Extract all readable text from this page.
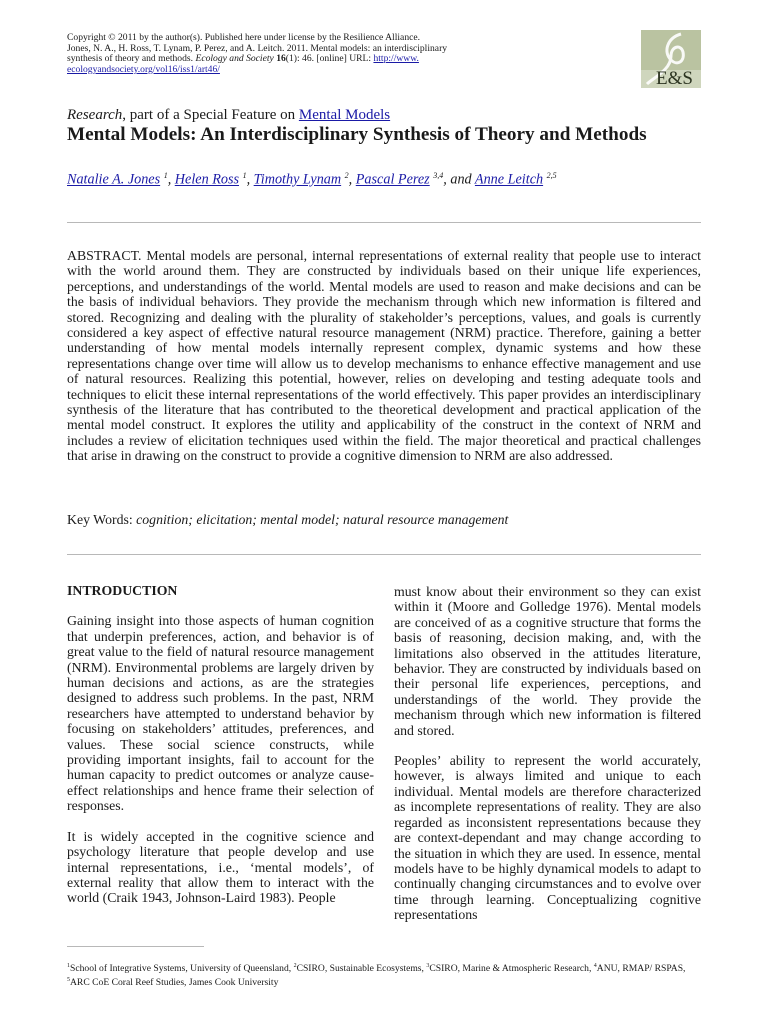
Copyright © 2011 by the author(s). Published here under license by the Resilience Alliance.
Jones, N. A., H. Ross, T. Lynam, P. Perez, and A. Leitch. 2011. Mental models: an interdisciplinary
synthesis of theory and methods. Ecology and Society 16(1): 46. [online] URL: http://www.
ecologyandsociety.org/vol16/iss1/art46/	E&S
Research, part of a Special Feature on Mental Models
Mental Models: An Interdisciplinary Synthesis of Theory and Methods
Natalie A. Jones $^1$, Helen Ross $^1$, Timothy Lynam $^2$, Pascal Perez $^{3,4}$, and Anne Leitch $^{2,5}$

ABSTRACT. Mental models are personal, internal representations of external reality that people use to interact with the world around them. They are constructed by individuals based on their unique life experiences, perceptions, and understandings of the world. Mental models are used to reason and make decisions and can be the basis of individual behaviors. They provide the mechanism through which new information is filtered and stored. Recognizing and dealing with the plurality of stakeholder’s perceptions, values, and goals is currently considered a key aspect of effective natural resource management (NRM) practice. Therefore, gaining a better understanding of how mental models internally represent complex, dynamic systems and how these representations change over time will allow us to develop mechanisms to enhance effective management and use of natural resources. Realizing this potential, however, relies on developing and testing adequate tools and techniques to elicit these internal representations of the world effectively. This paper provides an interdisciplinary synthesis of the literature that has contributed to the theoretical development and practical application of the mental model construct. It explores the utility and applicability of the construct in the context of NRM and includes a review of elicitation techniques used within the field. The major theoretical and practical challenges that arise in drawing on the construct to provide a cognitive dimension to NRM are also addressed.

Key Words: cognition; elicitation; mental model; natural resource management
INTRODUCTION

Gaining insight into those aspects of human cognition that underpin preferences, action, and behavior is of great value to the field of natural resource management (NRM). Environmental problems are largely driven by human decisions and actions, as are the strategies designed to address such problems. In the past, NRM researchers have attempted to understand behavior by focusing on stakeholders’ attitudes, preferences, and values. These social science constructs, while providing important insights, fail to account for the human capacity to predict outcomes or analyze cause-effect relationships and hence frame their selection of responses.

It is widely accepted in the cognitive science and psychology literature that people develop and use internal representations, i.e., ‘mental models’, of external reality that allow them to interact with the world (Craik 1943, Johnson-Laird 1983). People

must know about their environment so they can exist within it (Moore and Golledge 1976). Mental models are conceived of as a cognitive structure that forms the basis of reasoning, decision making, and, with the limitations also observed in the attitudes literature, behavior. They are constructed by individuals based on their personal life experiences, perceptions, and understandings of the world. They provide the mechanism through which new information is filtered and stored.

Peoples’ ability to represent the world accurately, however, is always limited and unique to each individual. Mental models are therefore characterized as incomplete representations of reality. They are also regarded as inconsistent representations because they are context-dependant and may change according to the situation in which they are used. In essence, mental models have to be highly dynamical models to adapt to continually changing circumstances and to evolve over time through learning. Conceptualizing cognitive representations

$^1$School of Integrative Systems, University of Queensland, $^2$CSIRO, Sustainable Ecosystems, $^3$CSIRO, Marine & Atmospheric Research, $^4$ANU, RMAP/ RSPAS, $^5$ARC CoE Coral Reef Studies, James Cook University
